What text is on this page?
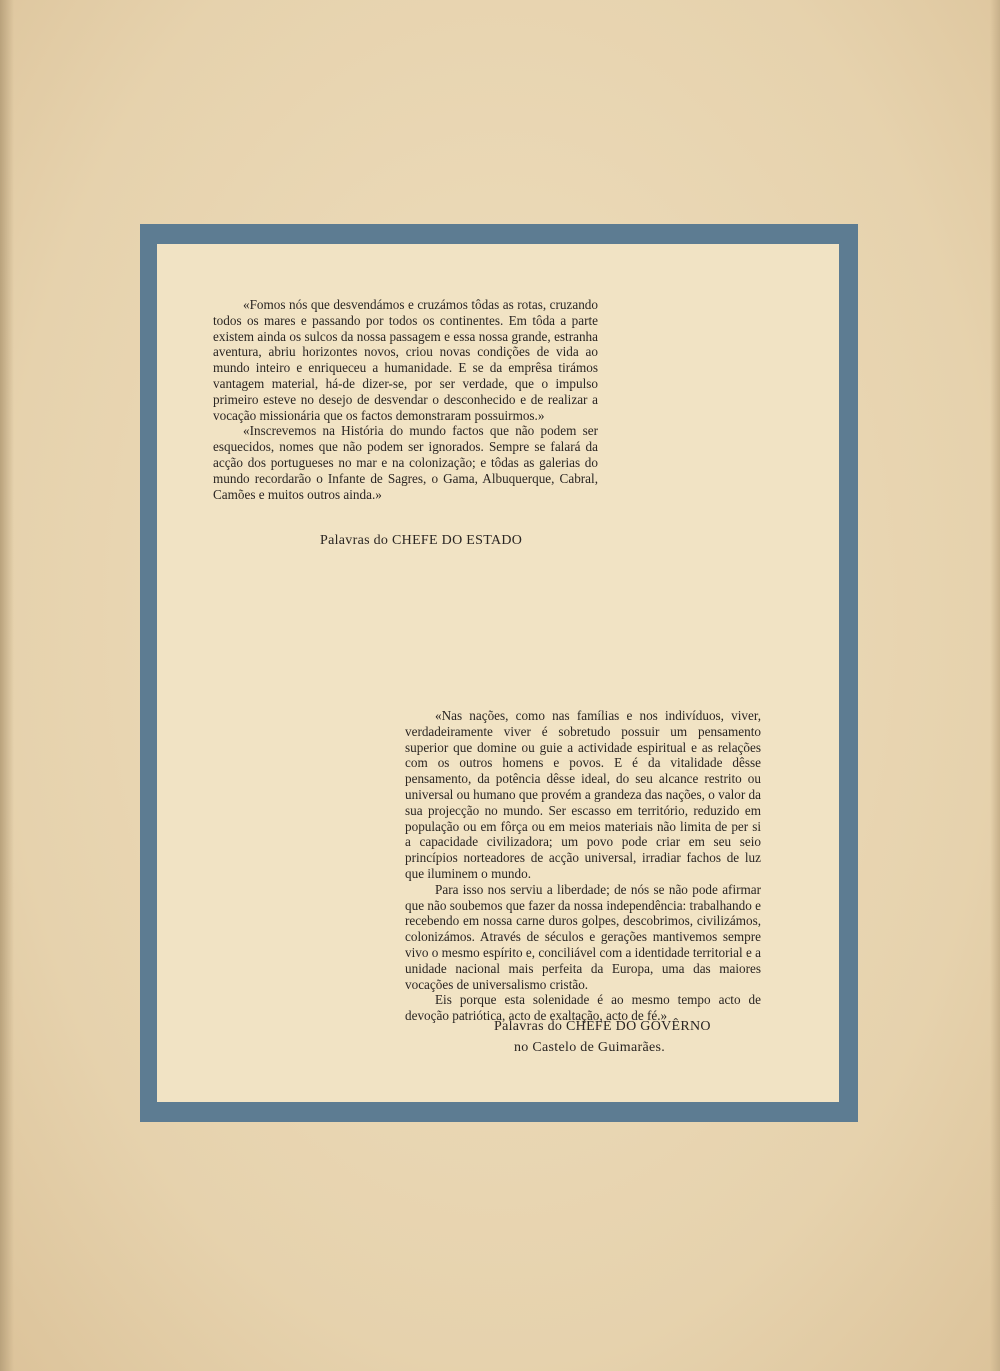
«Fomos nós que desvendámos e cruzámos tôdas as rotas, cruzando todos os mares e passando por todos os continentes. Em tôda a parte existem ainda os sulcos da nossa passagem e essa nossa grande, estranha aventura, abriu horizontes novos, criou novas condições de vida ao mundo inteiro e enriqueceu a humanidade. E se da emprêsa tirámos vantagem material, há-de dizer-se, por ser verdade, que o impulso primeiro esteve no desejo de desvendar o desconhecido e de realizar a vocação missionária que os factos demonstraram possuirmos.»

«Inscrevemos na História do mundo factos que não podem ser esquecidos, nomes que não podem ser ignorados. Sempre se falará da acção dos portugueses no mar e na colonização; e tôdas as galerias do mundo recordarão o Infante de Sagres, o Gama, Albuquerque, Cabral, Camões e muitos outros ainda.»

Palavras do CHEFE DO ESTADO

«Nas nações, como nas famílias e nos indivíduos, viver, verdadeiramente viver é sobretudo possuir um pensamento superior que domine ou guie a actividade espiritual e as relações com os outros homens e povos. E é da vitalidade dêsse pensamento, da potência dêsse ideal, do seu alcance restrito ou universal ou humano que provém a grandeza das nações, o valor da sua projecção no mundo. Ser escasso em território, reduzido em população ou em fôrça ou em meios materiais não limita de per si a capacidade civilizadora; um povo pode criar em seu seio princípios norteadores de acção universal, irradiar fachos de luz que iluminem o mundo.

Para isso nos serviu a liberdade; de nós se não pode afirmar que não soubemos que fazer da nossa independência: trabalhando e recebendo em nossa carne duros golpes, descobrimos, civilizámos, colonizámos. Através de séculos e gerações mantivemos sempre vivo o mesmo espírito e, conciliável com a identidade territorial e a unidade nacional mais perfeita da Europa, uma das maiores vocações de universalismo cristão.

Eis porque esta solenidade é ao mesmo tempo acto de devoção patriótica, acto de exaltação, acto de fé.»

Palavras do CHEFE DO GOVÊRNO
no Castelo de Guimarães.
